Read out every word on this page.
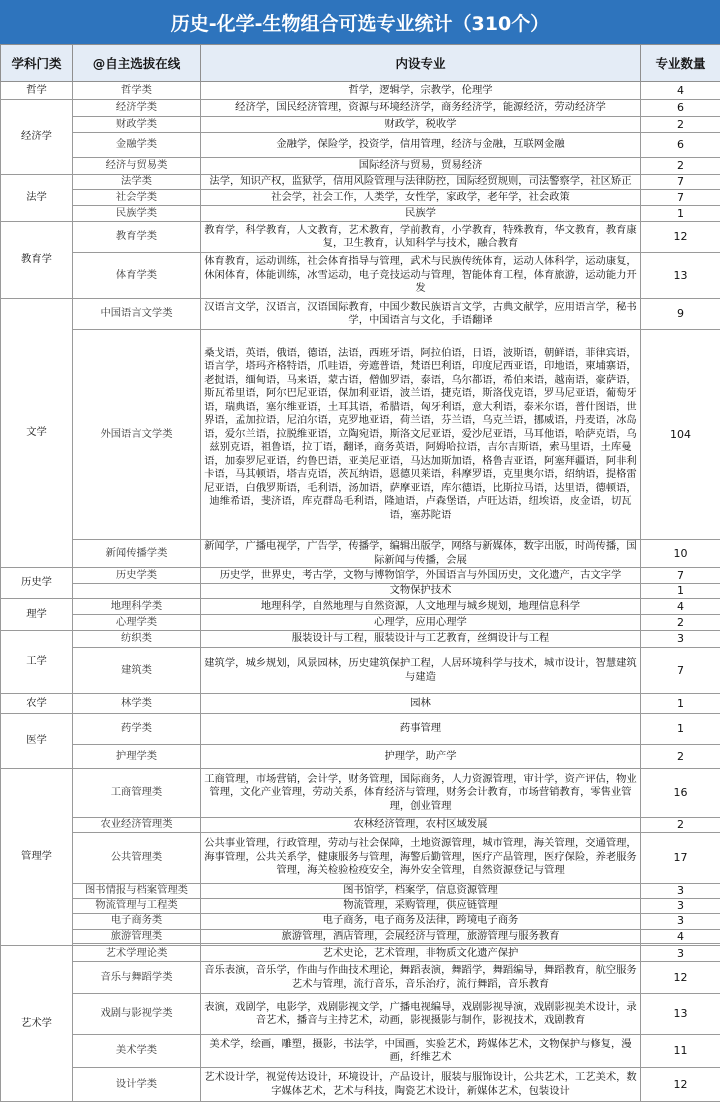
历史-化学-生物组合可选专业统计（310个）
学科门类	@自主选拔在线	内设专业	专业数量
哲学	哲学类	哲学，逻辑学，宗教学，伦理学	4
经济学	经济学类	经济学，国民经济管理，资源与环境经济学，商务经济学，能源经济，劳动经济学	6
	财政学类	财政学，税收学	2
	金融学类	金融学，保险学，投资学，信用管理，经济与金融，互联网金融	6
	经济与贸易类	国际经济与贸易，贸易经济	2
法学	法学类	法学，知识产权，监狱学，信用风险管理与法律防控，国际经贸规则，司法警察学，社区矫正	7
	社会学类	社会学，社会工作，人类学，女性学，家政学，老年学，社会政策	7
	民族学类	民族学	1
教育学	教育学类	教育学，科学教育，人文教育，艺术教育，学前教育，小学教育，特殊教育，华文教育，教育康复，卫生教育，认知科学与技术，融合教育	12
	体育学类	体育教育，运动训练，社会体育指导与管理，武术与民族传统体育，运动人体科学，运动康复，休闲体育，体能训练，冰雪运动，电子竞技运动与管理，智能体育工程，体育旅游，运动能力开发	13
文学	中国语言文学类	汉语言文学，汉语言，汉语国际教育，中国少数民族语言文学，古典文献学，应用语言学，秘书学，中国语言与文化，手语翻译	9
	外国语言文学类	桑戈语，英语，俄语，德语，法语，西班牙语，阿拉伯语，日语，波斯语，朝鲜语，菲律宾语，语言学，塔玛齐格特语，爪哇语，旁遮普语，梵语巴利语，印度尼西亚语，印地语，柬埔寨语，老挝语，缅甸语，马来语，蒙古语，僧伽罗语，泰语，乌尔都语，希伯来语，越南语，豪萨语，斯瓦希里语，阿尔巴尼亚语，保加利亚语，波兰语，捷克语，斯洛伐克语，罗马尼亚语，葡萄牙语，瑞典语，塞尔维亚语，土耳其语，希腊语，匈牙利语，意大利语，泰米尔语，普什图语，世界语，孟加拉语，尼泊尔语，克罗地亚语，荷兰语，芬兰语，乌克兰语，挪威语，丹麦语，冰岛语，爱尔兰语，拉脱维亚语，立陶宛语，斯洛文尼亚语，爱沙尼亚语，马耳他语，哈萨克语，乌兹别克语，祖鲁语，拉丁语，翻译，商务英语，阿姆哈拉语，吉尔吉斯语，索马里语，土库曼语，加泰罗尼亚语，约鲁巴语，亚美尼亚语，马达加斯加语，格鲁吉亚语，阿塞拜疆语，阿非利卡语，马其顿语，塔吉克语，茨瓦纳语，恩德贝莱语，科摩罗语，克里奥尔语，绍纳语，提格雷尼亚语，白俄罗斯语，毛利语，汤加语，萨摩亚语，库尔德语，比斯拉马语，达里语，德顿语，迪维希语，斐济语，库克群岛毛利语，隆迪语，卢森堡语，卢旺达语，纽埃语，皮金语，切瓦语，塞苏陀语	104
	新闻传播学类	新闻学，广播电视学，广告学，传播学，编辑出版学，网络与新媒体，数字出版，时尚传播，国际新闻与传播，会展	10
历史学	历史学类	历史学，世界史，考古学，文物与博物馆学，外国语言与外国历史，文化遗产，古文字学	7
		文物保护技术	1
理学	地理科学类	地理科学，自然地理与自然资源，人文地理与城乡规划，地理信息科学	4
	心理学类	心理学，应用心理学	2
工学	纺织类	服装设计与工程，服装设计与工艺教育，丝绸设计与工程	3
	建筑类	建筑学，城乡规划，风景园林，历史建筑保护工程，人居环境科学与技术，城市设计，智慧建筑与建造	7
农学	林学类	园林	1
医学	药学类	药事管理	1
	护理学类	护理学，助产学	2
管理学	工商管理类	工商管理，市场营销，会计学，财务管理，国际商务，人力资源管理，审计学，资产评估，物业管理，文化产业管理，劳动关系，体育经济与管理，财务会计教育，市场营销教育，零售业管理，创业管理	16
	农业经济管理类	农林经济管理，农村区域发展	2
	公共管理类	公共事业管理，行政管理，劳动与社会保障，土地资源管理，城市管理，海关管理，交通管理，海事管理，公共关系学，健康服务与管理，海警后勤管理，医疗产品管理，医疗保险，养老服务管理，海关检验检疫安全，海外安全管理，自然资源登记与管理	17
	图书情报与档案管理类	图书馆学，档案学，信息资源管理	3
	物流管理与工程类	物流管理，采购管理，供应链管理	3
	电子商务类	电子商务，电子商务及法律，跨境电子商务	3
	旅游管理类	旅游管理，酒店管理，会展经济与管理，旅游管理与服务教育	4

艺术学	艺术学理论类	艺术史论，艺术管理，非物质文化遗产保护	3
	音乐与舞蹈学类	音乐表演，音乐学，作曲与作曲技术理论，舞蹈表演，舞蹈学，舞蹈编导，舞蹈教育，航空服务艺术与管理，流行音乐，音乐治疗，流行舞蹈，音乐教育	12
	戏剧与影视学类	表演，戏剧学，电影学，戏剧影视文学，广播电视编导，戏剧影视导演，戏剧影视美术设计，录音艺术，播音与主持艺术，动画，影视摄影与制作，影视技术，戏剧教育	13
	美术学类	美术学，绘画，雕塑，摄影，书法学，中国画，实验艺术，跨媒体艺术，文物保护与修复，漫画，纤维艺术	11
	设计学类	艺术设计学，视觉传达设计，环境设计，产品设计，服装与服饰设计，公共艺术，工艺美术，数字媒体艺术，艺术与科技，陶瓷艺术设计，新媒体艺术，包装设计	12
